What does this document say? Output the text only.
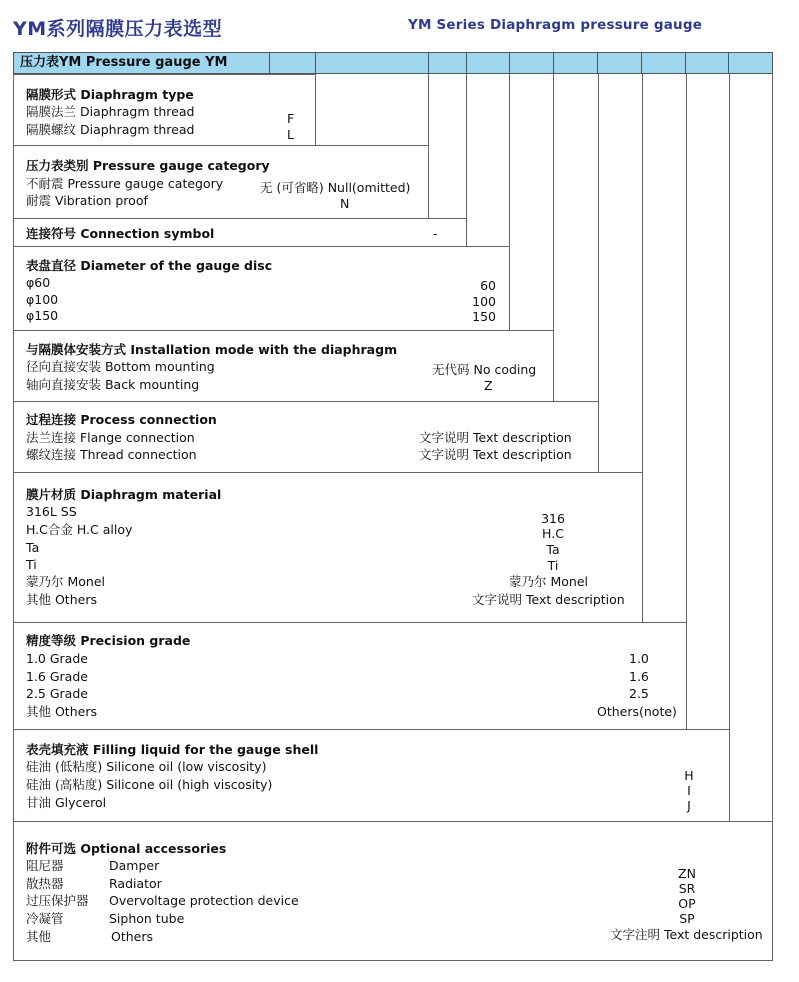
YM系列隔膜压力表选型	YM Series Diaphragm pressure gauge
压力表YM Pressure gauge YM
隔膜形式 Diaphragm type
隔膜法兰 Diaphragm thread
隔膜螺纹 Diaphragm thread
F
L
压力表类别 Pressure gauge category
不耐震 Pressure gauge category
耐震 Vibration proof
无 (可省略) Null(omitted)
N
连接符号 Connection symbol	-
表盘直径 Diameter of the gauge disc
φ60
φ100
φ150
60
100
150
与隔膜体安装方式 Installation mode with the diaphragm
径向直接安装 Bottom mounting
轴向直接安装 Back mounting
无代码 No coding
Z
过程连接 Process connection
法兰连接 Flange connection
螺纹连接 Thread connection
文字说明 Text description
文字说明 Text description
膜片材质 Diaphragm material
316L SS
H.C合金 H.C alloy
Ta
Ti
蒙乃尔 Monel
其他 Others
316
H.C
Ta
Ti
蒙乃尔 Monel
文字说明 Text description
精度等级 Precision grade
1.0 Grade
1.6 Grade
2.5 Grade
其他 Others
1.0
1.6
2.5
Others(note)
表壳填充液 Filling liquid for the gauge shell
硅油 (低粘度) Silicone oil (low viscosity)
硅油 (高粘度) Silicone oil (high viscosity)
甘油 Glycerol
H
I
J
附件可选 Optional accessories
阻尼器
散热器
过压保护器
冷凝管
其他
Damper
Radiator
Overvoltage protection device
Siphon tube
Others
ZN
SR
OP
SP
文字注明 Text description
